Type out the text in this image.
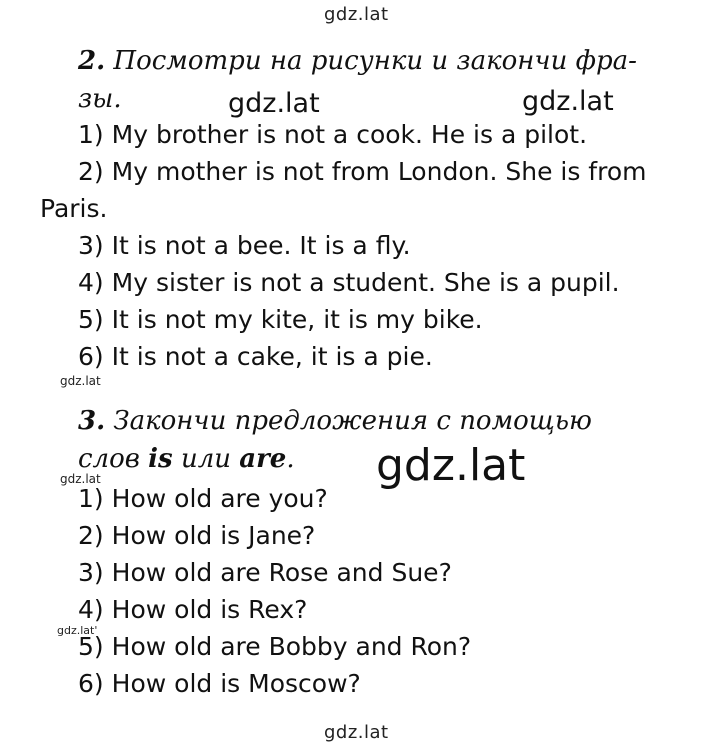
gdz.lat
gdz.lat	gdz.lat
gdz.lat
gdz.lat
gdz.lat
gdz.lat'
gdz.lat
2. Посмотри на рисунки и закончи фра-
зы.
1) My brother is not a cook. He is a pilot.
2) My mother is not from London. She is from
Paris.
3) It is not a bee. It is a fly.
4) My sister is not a student. She is a pupil.
5) It is not my kite, it is my bike.
6) It is not a cake, it is a pie.
3. Закончи предложения с помощью
слов is или are.
1) How old are you?
2) How old is Jane?
3) How old are Rose and Sue?
4) How old is Rex?
5) How old are Bobby and Ron?
6) How old is Moscow?
